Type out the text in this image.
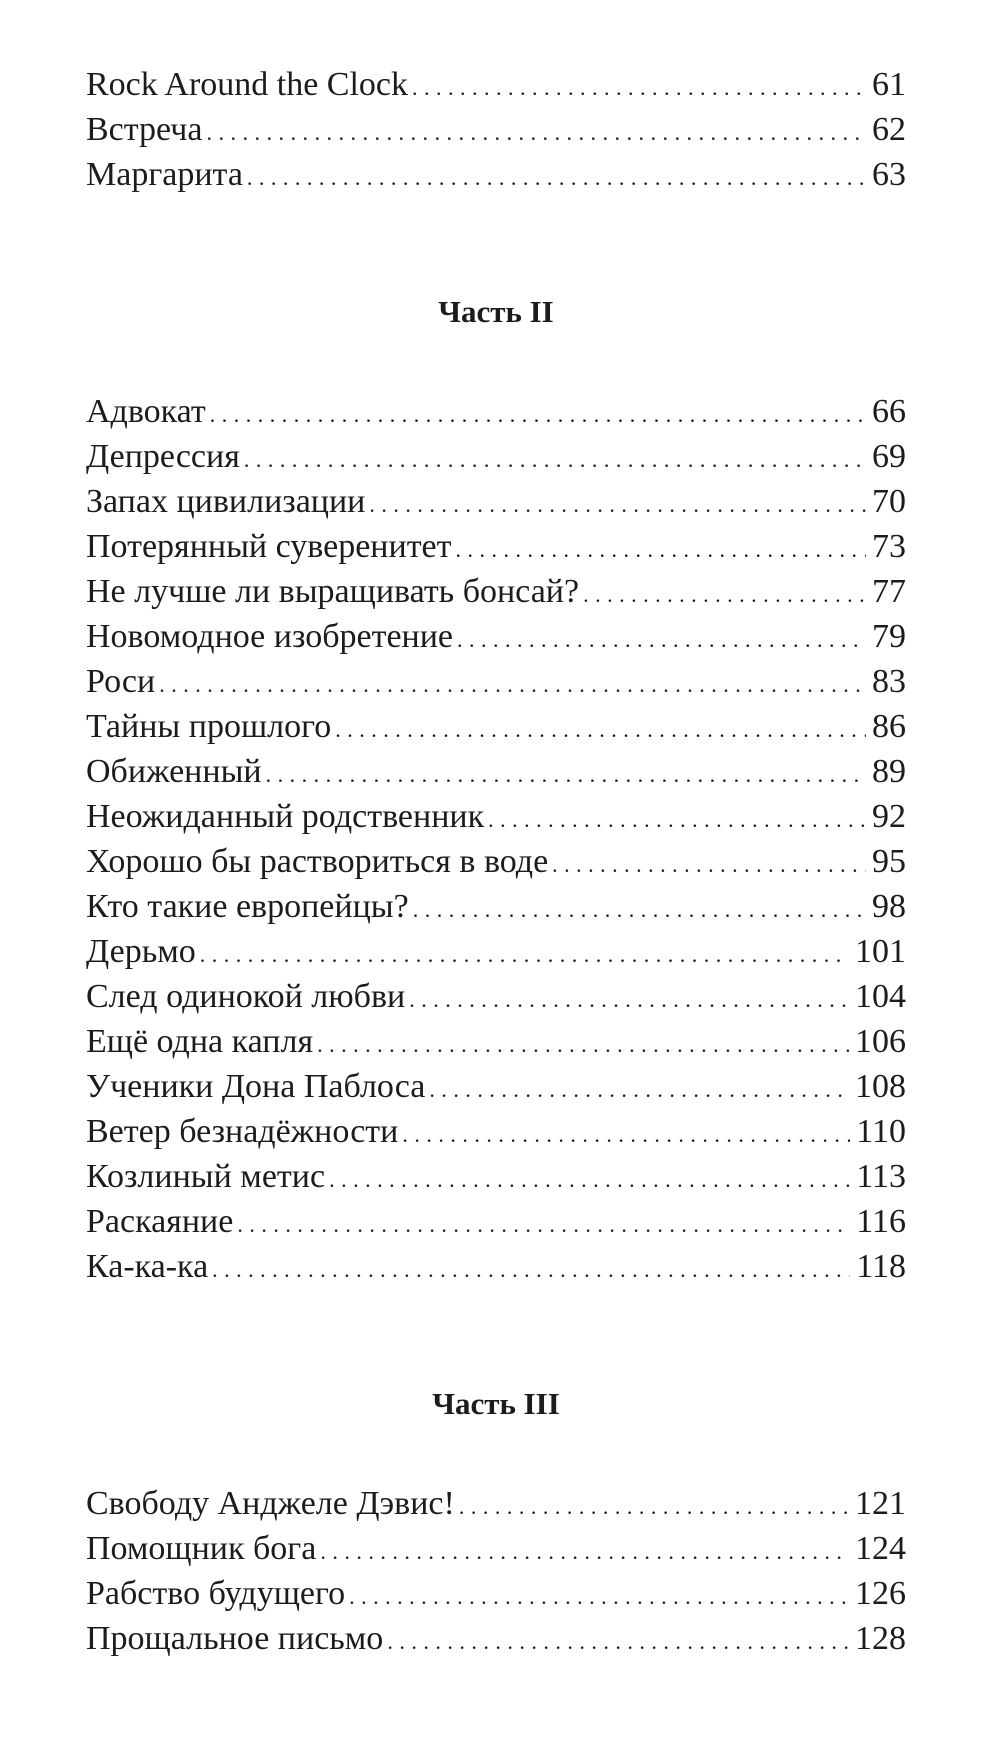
Rock Around the Clock . . .	61
Встреча . . .	62
Маргарита . . .	63
Часть II
Адвокат . . .	66
Депрессия . . .	69
Запах цивилизации . . .	70
Потерянный суверенитет . . .	73
Не лучше ли выращивать бонсай? . . .	77
Новомодное изобретение . . .	79
Роси . . .	83
Тайны прошлого . . .	86
Обиженный . . .	89
Неожиданный родственник . . .	92
Хорошо бы раствориться в воде . . .	95
Кто такие европейцы? . . .	98
Дерьмо . . .	101
След одинокой любви . . .	104
Ещё одна капля . . .	106
Ученики Дона Паблоса . . .	108
Ветер безнадёжности . . .	110
Козлиный метис . . .	113
Раскаяние . . .	116
Ка-ка-ка . . .	118
Часть III
Свободу Анджеле Дэвис! . . .	121
Помощник бога . . .	124
Рабство будущего . . .	126
Прощальное письмо . . .	128
